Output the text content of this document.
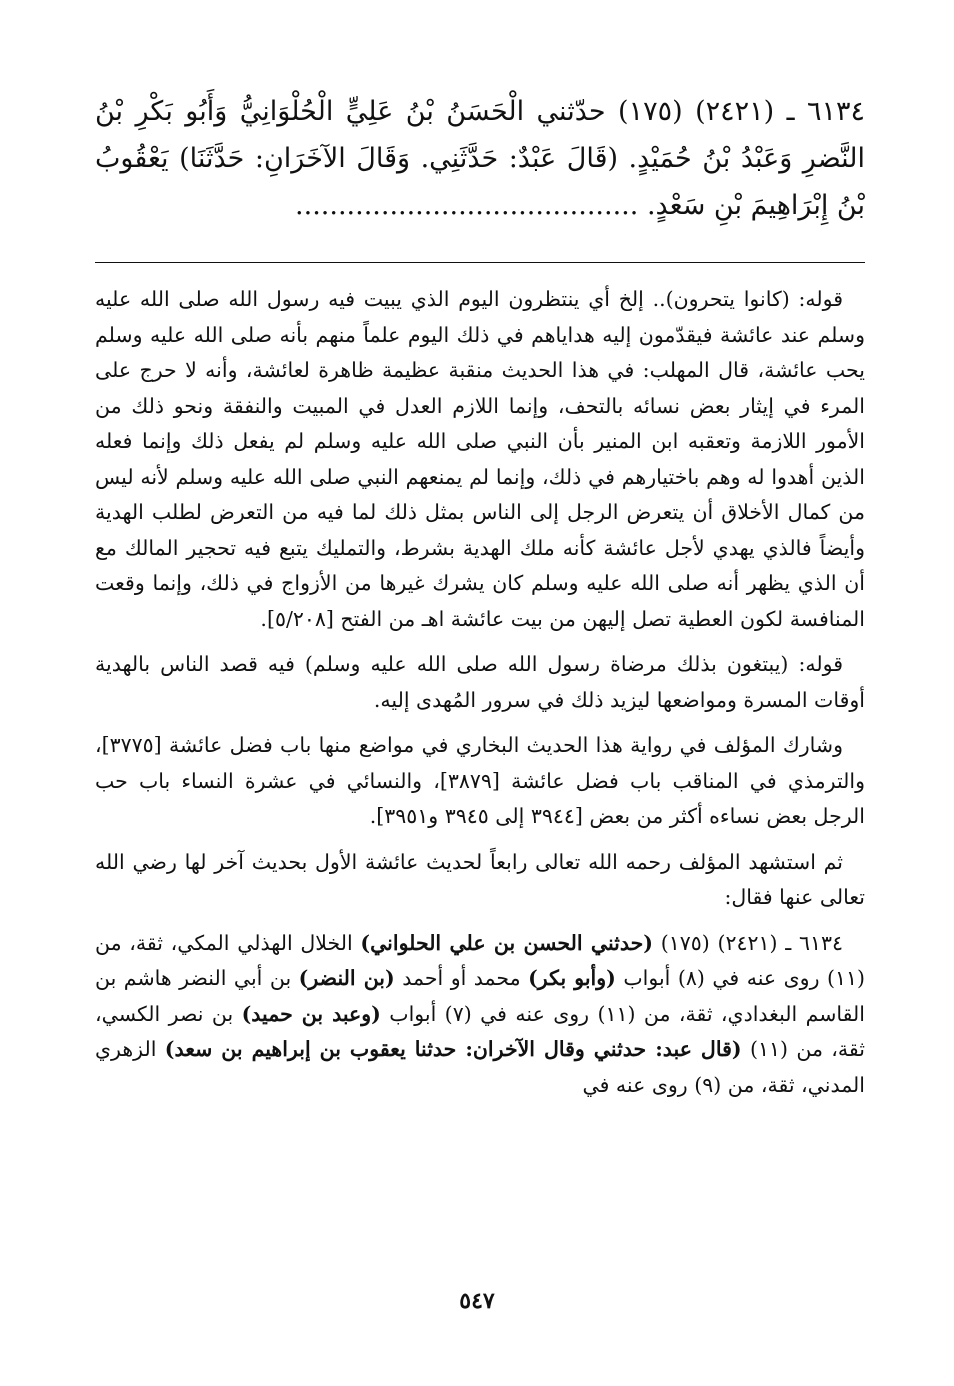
٦١٣٤ ـ (٢٤٢١) (١٧٥) حدّثني الْحَسَنُ بْنُ عَلِيٍّ الْحُلْوَانِيُّ وَأَبُو بَكْرِ بْنُ النَّضرِ وَعَبْدُ بْنُ حُمَيْدٍ. (قَالَ عَبْدٌ: حَدَّثَنِي. وَقَالَ الآخَرَانِ: حَدَّثَنَا) يَعْقُوبُ بْنُ إِبْرَاهِيمَ بْنِ سَعْدٍ. ........................................

قوله: (كانوا يتحرون).. إلخ أي ينتظرون اليوم الذي يبيت فيه رسول الله صلى الله عليه وسلم عند عائشة فيقدّمون إليه هداياهم في ذلك اليوم علماً منهم بأنه صلى الله عليه وسلم يحب عائشة، قال المهلب: في هذا الحديث منقبة عظيمة ظاهرة لعائشة، وأنه لا حرج على المرء في إيثار بعض نسائه بالتحف، وإنما اللازم العدل في المبيت والنفقة ونحو ذلك من الأمور اللازمة وتعقبه ابن المنير بأن النبي صلى الله عليه وسلم لم يفعل ذلك وإنما فعله الذين أهدوا له وهم باختيارهم في ذلك، وإنما لم يمنعهم النبي صلى الله عليه وسلم لأنه ليس من كمال الأخلاق أن يتعرض الرجل إلى الناس بمثل ذلك لما فيه من التعرض لطلب الهدية وأيضاً فالذي يهدي لأجل عائشة كأنه ملك الهدية بشرط، والتمليك يتبع فيه تحجير المالك مع أن الذي يظهر أنه صلى الله عليه وسلم كان يشرك غيرها من الأزواج في ذلك، وإنما وقعت المنافسة لكون العطية تصل إليهن من بيت عائشة اهـ من الفتح [٥/٢٠٨].

قوله: (يبتغون بذلك مرضاة رسول الله صلى الله عليه وسلم) فيه قصد الناس بالهدية أوقات المسرة ومواضعها ليزيد ذلك في سرور المُهدى إليه.

وشارك المؤلف في رواية هذا الحديث البخاري في مواضع منها باب فضل عائشة [٣٧٧٥]، والترمذي في المناقب باب فضل عائشة [٣٨٧٩]، والنسائي في عشرة النساء باب حب الرجل بعض نساءه أكثر من بعض [٣٩٤٤ إلى ٣٩٤٥ و٣٩٥١].

ثم استشهد المؤلف رحمه الله تعالى رابعاً لحديث عائشة الأول بحديث آخر لها رضي الله تعالى عنها فقال:

٦١٣٤ ـ (٢٤٢١) (١٧٥) (حدثني الحسن بن علي الحلواني) الخلال الهذلي المكي، ثقة، من (١١) روى عنه في (٨) أبواب (وأبو بكر) محمد أو أحمد (بن النضر) بن أبي النضر هاشم بن القاسم البغدادي، ثقة، من (١١) روى عنه في (٧) أبواب (وعبد بن حميد) بن نصر الكسي، ثقة، من (١١) (قال عبد: حدثني وقال الآخران: حدثنا يعقوب بن إبراهيم بن سعد) الزهري المدني، ثقة، من (٩) روى عنه في

٥٤٧
